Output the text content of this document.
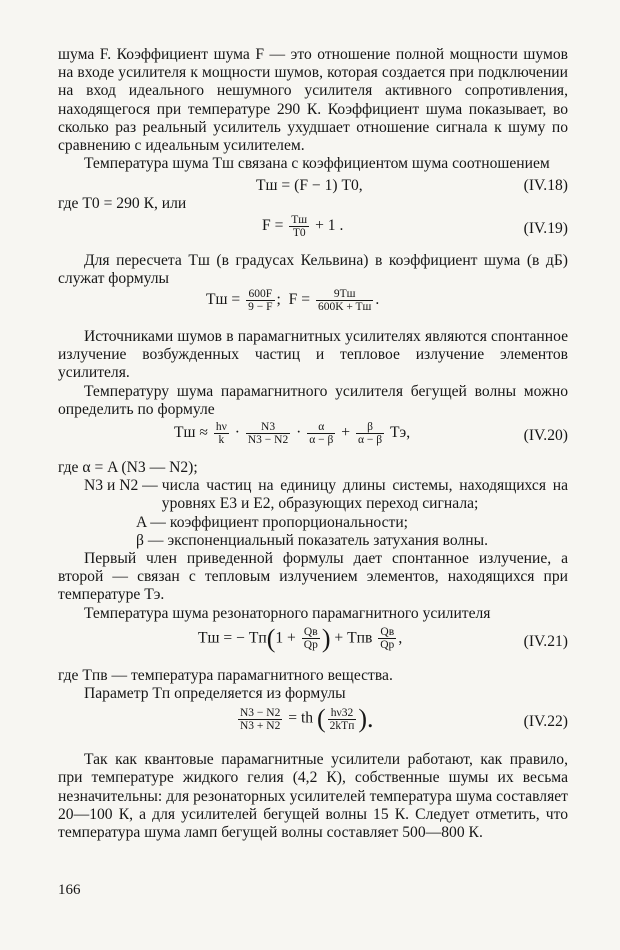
шума F. Коэффициент шума F — это отношение полной мощности шумов на входе усилителя к мощности шумов, которая создается при подключении на вход идеального нешумного усилителя активного сопротивления, находящегося при температуре 290 К. Коэффициент шума показывает, во сколько раз реальный усилитель ухудшает отношение сигнала к шуму по сравнению с идеальным усилителем.

Температура шума Tш связана с коэффициентом шума соотношением

Tш = (F − 1) T0,	(IV.18)

где T0 = 290 К, или

$F = \frac{Tш}{T0} + 1$ .	(IV.19)

Для пересчета Tш (в градусах Кельвина) в коэффициент шума (в дБ) служат формулы

Tш = $\frac{600F}{9 - F}$ ; $F = \frac{9Tш}{600K + Tш}$ .

Источниками шумов в парамагнитных усилителях являются спонтанное излучение возбужденных частиц и тепловое излучение элементов усилителя.

Температуру шума парамагнитного усилителя бегущей волны можно определить по формуле

Tш ≈ $\frac{h\nu}{k} \cdot \frac{N3}{N3 - N2} \cdot \frac{\alpha}{\alpha - \beta} + \frac{\beta}{\alpha - \beta}$ Tэ,	(IV.20)

где α = A (N3 — N2);

N3 и N2 — числа частиц на единицу длины системы, находящихся на уровнях E3 и E2, образующих переход сигнала;
A — коэффициент пропорциональности;
β — экспоненциальный показатель затухания волны.

Первый член приведенной формулы дает спонтанное излучение, а второй — связан с тепловым излучением элементов, находящихся при температуре Tэ.

Температура шума резонаторного парамагнитного усилителя

Tш = − $Tп(1 + \frac{Qв}{Qр}$ ) + Tпв $\frac{Qв}{Qр}$ ,	(IV.21)

где Tпв — температура парамагнитного вещества.

Параметр Tп определяется из формулы

$\frac{N3 - N2}{N3 + N2}$ = th ( $\frac{h\nu 32}{\text{2kTп}}$ ).	(IV.22)

Так как квантовые парамагнитные усилители работают, как правило, при температуре жидкого гелия (4,2 К), собственные шумы их весьма незначительны: для резонаторных усилителей температура шума составляет 20—100 К, а для усилителей бегущей волны 15 К. Следует отметить, что температура шума ламп бегущей волны составляет 500—800 К.

166
